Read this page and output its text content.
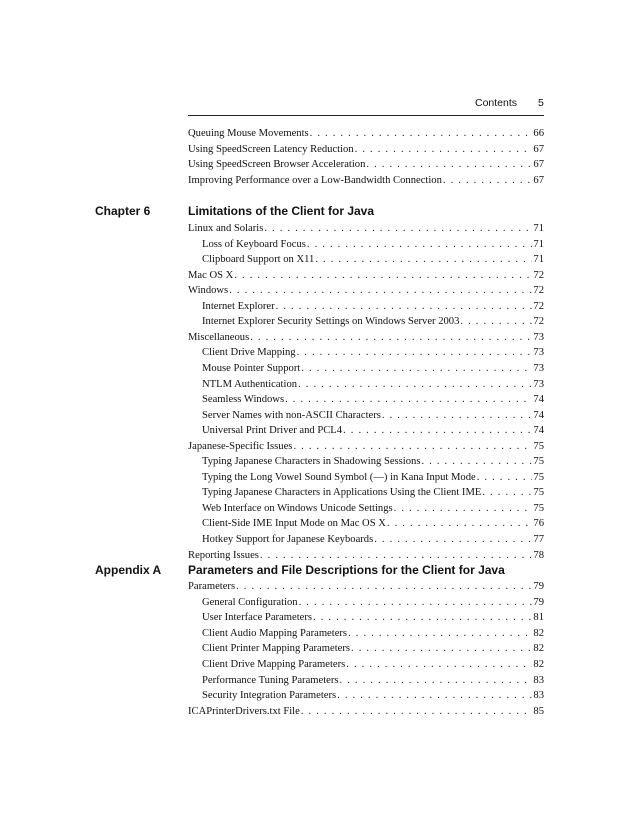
Contents 5
Queuing Mouse Movements . . .	66
Using SpeedScreen Latency Reduction . . .	67
Using SpeedScreen Browser Acceleration . . .	67
Improving Performance over a Low-Bandwidth Connection . . .	67
Chapter 6	Limitations of the Client for Java
Linux and Solaris . . .	71
Loss of Keyboard Focus . . .	71
Clipboard Support on X11 . . .	71
Mac OS X . . .	72
Windows . . .	72
Internet Explorer . . .	72
Internet Explorer Security Settings on Windows Server 2003 . . .	72
Miscellaneous . . .	73
Client Drive Mapping . . .	73
Mouse Pointer Support . . .	73
NTLM Authentication . . .	73
Seamless Windows . . .	74
Server Names with non-ASCII Characters . . .	74
Universal Print Driver and PCL4 . . .	74
Japanese-Specific Issues . . .	75
Typing Japanese Characters in Shadowing Sessions . . .	75
Typing the Long Vowel Sound Symbol (—) in Kana Input Mode . . .	75
Typing Japanese Characters in Applications Using the Client IME . . .	75
Web Interface on Windows Unicode Settings . . .	75
Client-Side IME Input Mode on Mac OS X . . .	76
Hotkey Support for Japanese Keyboards . . .	77
Reporting Issues . . .	78
Appendix A Parameters and File Descriptions for the Client for Java
Parameters . . .	79
General Configuration . . .	79
User Interface Parameters . . .	81
Client Audio Mapping Parameters . . .	82
Client Printer Mapping Parameters . . .	82
Client Drive Mapping Parameters . . .	82
Performance Tuning Parameters . . .	83
Security Integration Parameters . . .	83
ICAPrinterDrivers.txt File . . .	85
